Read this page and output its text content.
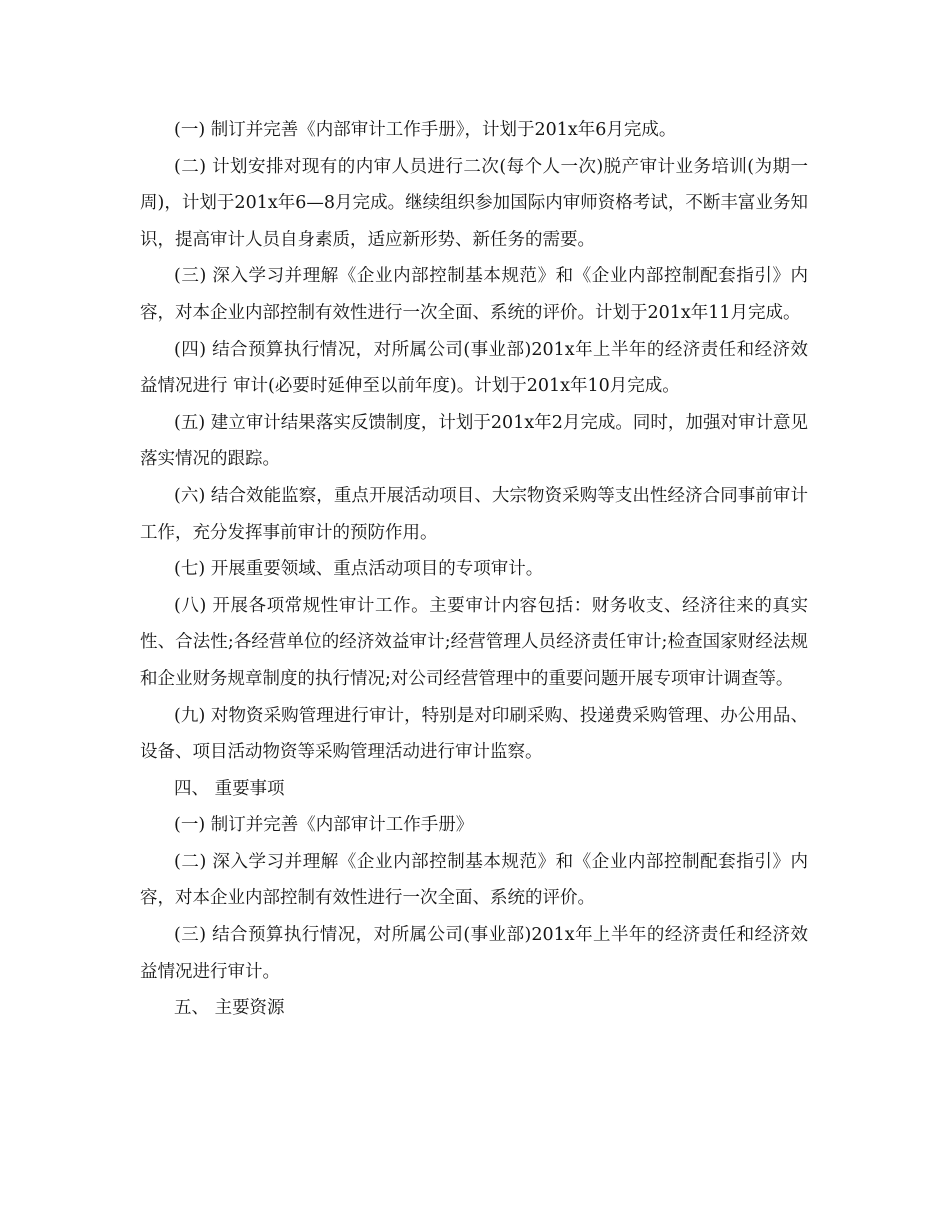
(一) 制订并完善《内部审计工作手册》，计划于201x年6月完成。

(二) 计划安排对现有的内审人员进行二次(每个人一次)脱产审计业务培训(为期一周)，计划于201x年6—8月完成。继续组织参加国际内审师资格考试，不断丰富业务知识，提高审计人员自身素质，适应新形势、新任务的需要。

(三) 深入学习并理解《企业内部控制基本规范》和《企业内部控制配套指引》内容，对本企业内部控制有效性进行一次全面、系统的评价。计划于201x年11月完成。

(四) 结合预算执行情况，对所属公司(事业部)201x年上半年的经济责任和经济效益情况进行 审计(必要时延伸至以前年度)。计划于201x年10月完成。

(五) 建立审计结果落实反馈制度，计划于201x年2月完成。同时，加强对审计意见落实情况的跟踪。

(六) 结合效能监察，重点开展活动项目、大宗物资采购等支出性经济合同事前审计工作，充分发挥事前审计的预防作用。

(七) 开展重要领域、重点活动项目的专项审计。

(八) 开展各项常规性审计工作。主要审计内容包括：财务收支、经济往来的真实性、合法性;各经营单位的经济效益审计;经营管理人员经济责任审计;检查国家财经法规和企业财务规章制度的执行情况;对公司经营管理中的重要问题开展专项审计调查等。

(九) 对物资采购管理进行审计，特别是对印刷采购、投递费采购管理、办公用品、设备、项目活动物资等采购管理活动进行审计监察。

四、 重要事项

(一) 制订并完善《内部审计工作手册》

(二) 深入学习并理解《企业内部控制基本规范》和《企业内部控制配套指引》内容，对本企业内部控制有效性进行一次全面、系统的评价。

(三) 结合预算执行情况，对所属公司(事业部)201x年上半年的经济责任和经济效 益情况进行审计。

五、 主要资源
